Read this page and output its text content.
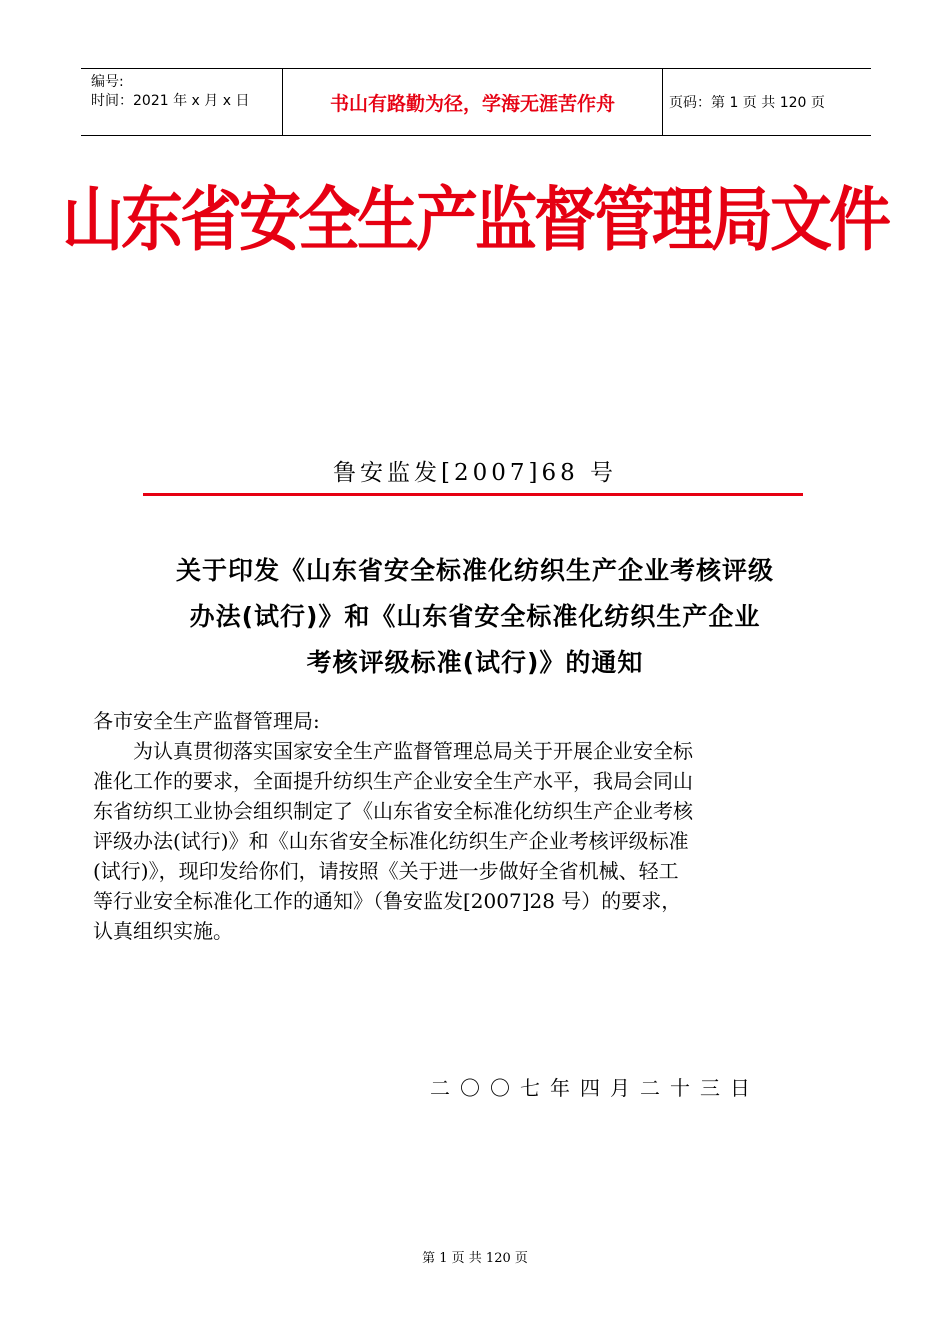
编号:
时间：2021 年 x 月 x 日	书山有路勤为径，学海无涯苦作舟	页码：第 1 页 共 120 页
山东省安全生产监督管理局文件
鲁安监发[2007]68 号
关于印发《山东省安全标准化纺织生产企业考核评级
办法(试行)》和《山东省安全标准化纺织生产企业
考核评级标准(试行)》的通知
各市安全生产监督管理局:
　　为认真贯彻落实国家安全生产监督管理总局关于开展企业安全标
准化工作的要求，全面提升纺织生产企业安全生产水平，我局会同山
东省纺织工业协会组织制定了《山东省安全标准化纺织生产企业考核
评级办法(试行)》和《山东省安全标准化纺织生产企业考核评级标准
(试行)》，现印发给你们，请按照《关于进一步做好全省机械、轻工
等行业安全标准化工作的通知》（鲁安监发[2007]28 号）的要求，
认真组织实施。
二〇〇七年四月二十三日
第 1 页 共 120 页
